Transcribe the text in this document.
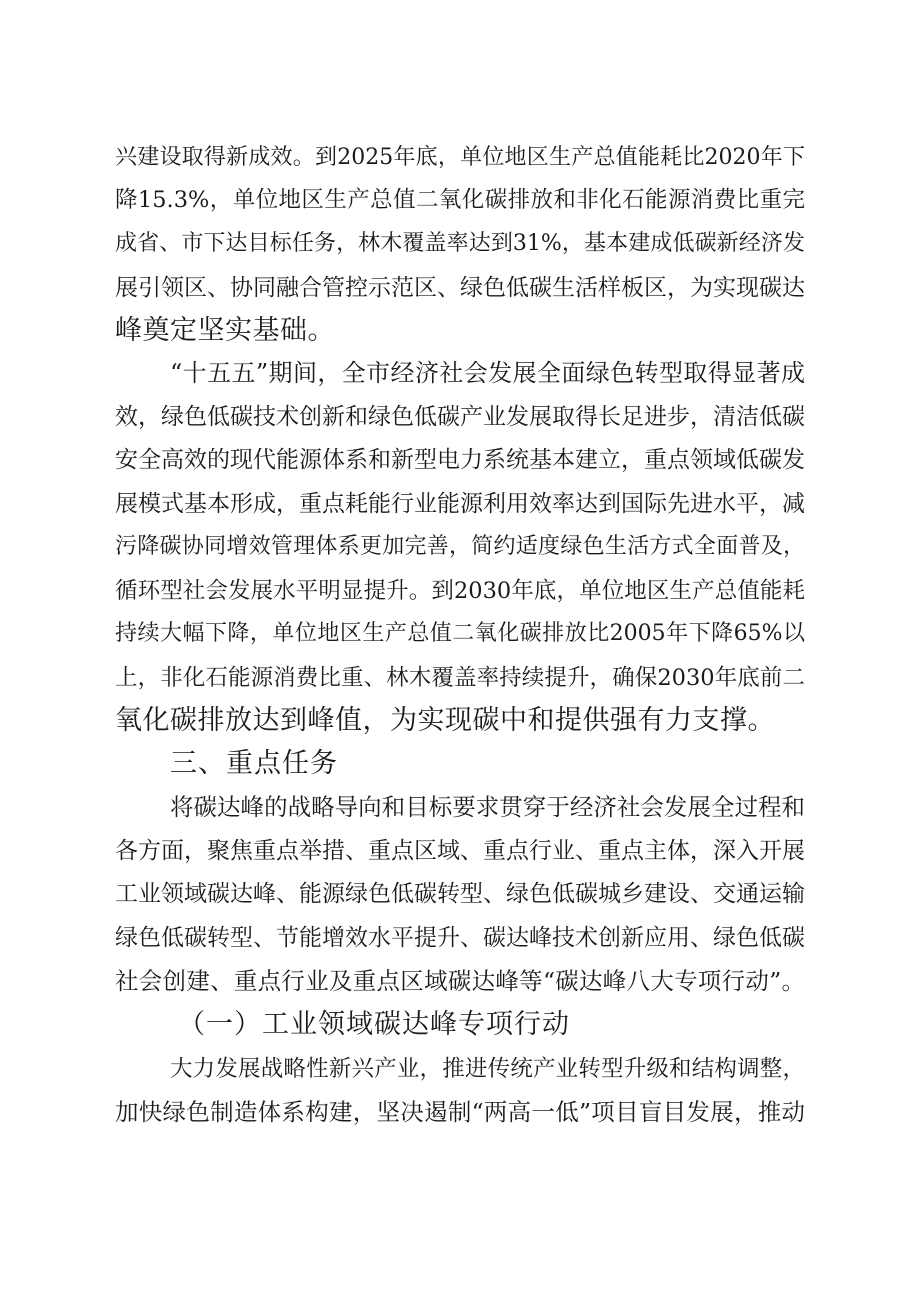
兴建设取得新成效。到2025年底，单位地区生产总值能耗比2020年下
降15.3%，单位地区生产总值二氧化碳排放和非化石能源消费比重完
成省、市下达目标任务，林木覆盖率达到31%，基本建成低碳新经济发
展引领区、协同融合管控示范区、绿色低碳生活样板区，为实现碳达
峰奠定坚实基础。
“十五五”期间，全市经济社会发展全面绿色转型取得显著成
效，绿色低碳技术创新和绿色低碳产业发展取得长足进步，清洁低碳
安全高效的现代能源体系和新型电力系统基本建立，重点领域低碳发
展模式基本形成，重点耗能行业能源利用效率达到国际先进水平，减
污降碳协同增效管理体系更加完善，简约适度绿色生活方式全面普及，
循环型社会发展水平明显提升。到2030年底，单位地区生产总值能耗
持续大幅下降，单位地区生产总值二氧化碳排放比2005年下降65%以
上，非化石能源消费比重、林木覆盖率持续提升，确保2030年底前二
氧化碳排放达到峰值，为实现碳中和提供强有力支撑。
三、重点任务
将碳达峰的战略导向和目标要求贯穿于经济社会发展全过程和
各方面，聚焦重点举措、重点区域、重点行业、重点主体，深入开展
工业领域碳达峰、能源绿色低碳转型、绿色低碳城乡建设、交通运输
绿色低碳转型、节能增效水平提升、碳达峰技术创新应用、绿色低碳
社会创建、重点行业及重点区域碳达峰等“碳达峰八大专项行动”。
（一）工业领域碳达峰专项行动
大力发展战略性新兴产业，推进传统产业转型升级和结构调整，
加快绿色制造体系构建，坚决遏制“两高一低”项目盲目发展，推动
